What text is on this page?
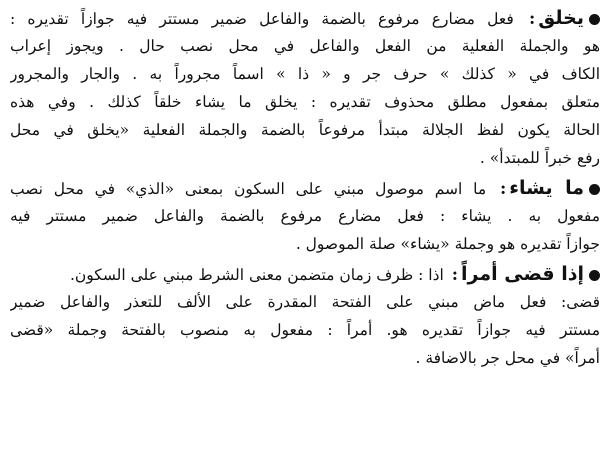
يخلق: فعل مضارع مرفوع بالضمة والفاعل ضمير مستتر فيه جوازاً تقديره :
هو والجملة الفعلية من الفعل والفاعل في محل نصب حال . ويجوز إعراب
الكاف في « كذلك » حرف جر و « ذا » اسماً مجروراً به . والجار والمجرور
متعلق بمفعول مطلق محذوف تقديره : يخلق ما يشاء خلقاً كذلك . وفي هذه
الحالة يكون لفظ الجلالة مبتدأ مرفوعاً بالضمة والجملة الفعلية «يخلق في محل
رفع خبراً للمبتدأ» .
ما يشاء: ما اسم موصول مبني على السكون بمعنى «الذي» في محل نصب
مفعول به . يشاء : فعل مضارع مرفوع بالضمة والفاعل ضمير مستتر فيه
جوازاً تقديره هو وجملة «يشاء» صلة الموصول .
إذا قضى أمراً: اذا : ظرف زمان متضمن معنى الشرط مبني على السكون.
قضى: فعل ماض مبني على الفتحة المقدرة على الألف للتعذر والفاعل ضمير
مستتر فيه جوازاً تقديره هو. أمراً : مفعول به منصوب بالفتحة وجملة «قضى
أمراً» في محل جر بالاضافة .
